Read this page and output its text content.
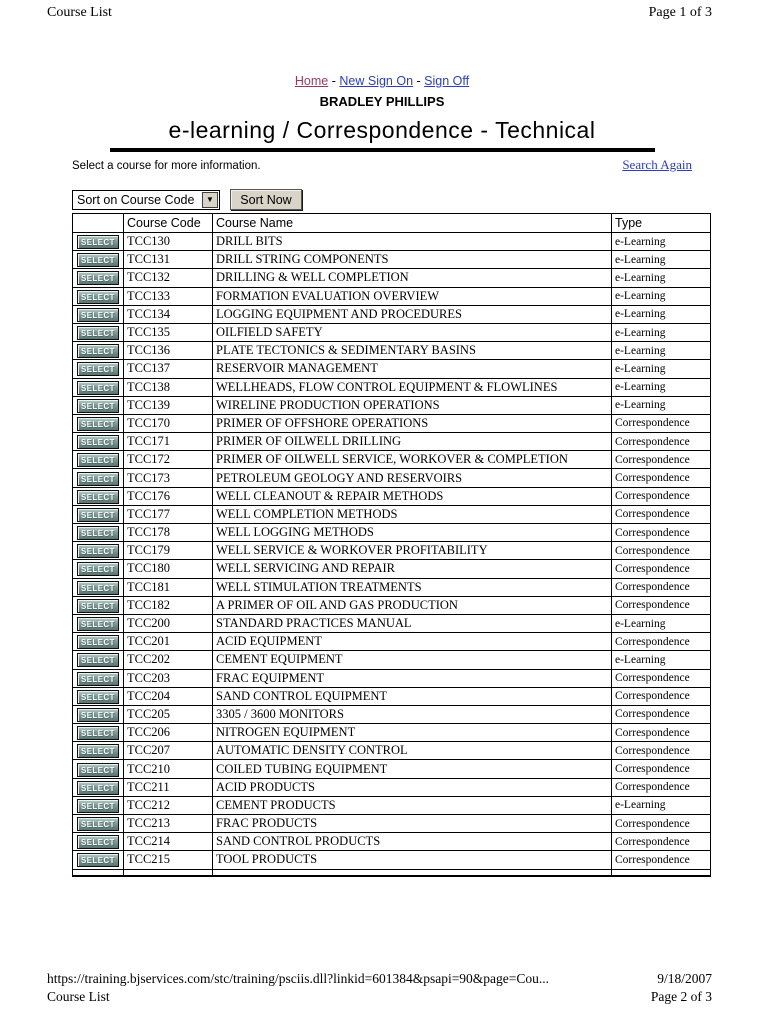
Course List	Page 1 of 3
Home - New Sign On - Sign Off
BRADLEY PHILLIPS
e-learning / Correspondence - Technical
Select a course for more information.	Search Again
Sort on Course Code	▼	Sort Now
	Course Code	Course Name	Type
SELECT	TCC130	DRILL BITS	e-Learning
SELECT	TCC131	DRILL STRING COMPONENTS	e-Learning
SELECT	TCC132	DRILLING & WELL COMPLETION	e-Learning
SELECT	TCC133	FORMATION EVALUATION OVERVIEW	e-Learning
SELECT	TCC134	LOGGING EQUIPMENT AND PROCEDURES	e-Learning
SELECT	TCC135	OILFIELD SAFETY	e-Learning
SELECT	TCC136	PLATE TECTONICS & SEDIMENTARY BASINS	e-Learning
SELECT	TCC137	RESERVOIR MANAGEMENT	e-Learning
SELECT	TCC138	WELLHEADS, FLOW CONTROL EQUIPMENT & FLOWLINES	e-Learning
SELECT	TCC139	WIRELINE PRODUCTION OPERATIONS	e-Learning
SELECT	TCC170	PRIMER OF OFFSHORE OPERATIONS	Correspondence
SELECT	TCC171	PRIMER OF OILWELL DRILLING	Correspondence
SELECT	TCC172	PRIMER OF OILWELL SERVICE, WORKOVER & COMPLETION	Correspondence
SELECT	TCC173	PETROLEUM GEOLOGY AND RESERVOIRS	Correspondence
SELECT	TCC176	WELL CLEANOUT & REPAIR METHODS	Correspondence
SELECT	TCC177	WELL COMPLETION METHODS	Correspondence
SELECT	TCC178	WELL LOGGING METHODS	Correspondence
SELECT	TCC179	WELL SERVICE & WORKOVER PROFITABILITY	Correspondence
SELECT	TCC180	WELL SERVICING AND REPAIR	Correspondence
SELECT	TCC181	WELL STIMULATION TREATMENTS	Correspondence
SELECT	TCC182	A PRIMER OF OIL AND GAS PRODUCTION	Correspondence
SELECT	TCC200	STANDARD PRACTICES MANUAL	e-Learning
SELECT	TCC201	ACID EQUIPMENT	Correspondence
SELECT	TCC202	CEMENT EQUIPMENT	e-Learning
SELECT	TCC203	FRAC EQUIPMENT	Correspondence
SELECT	TCC204	SAND CONTROL EQUIPMENT	Correspondence
SELECT	TCC205	3305 / 3600 MONITORS	Correspondence
SELECT	TCC206	NITROGEN EQUIPMENT	Correspondence
SELECT	TCC207	AUTOMATIC DENSITY CONTROL	Correspondence
SELECT	TCC210	COILED TUBING EQUIPMENT	Correspondence
SELECT	TCC211	ACID PRODUCTS	Correspondence
SELECT	TCC212	CEMENT PRODUCTS	e-Learning
SELECT	TCC213	FRAC PRODUCTS	Correspondence
SELECT	TCC214	SAND CONTROL PRODUCTS	Correspondence
SELECT	TCC215	TOOL PRODUCTS	Correspondence

https://training.bjservices.com/stc/training/psciis.dll?linkid=601384&psapi=90&page=Cou...	9/18/2007
Course List	Page 2 of 3
